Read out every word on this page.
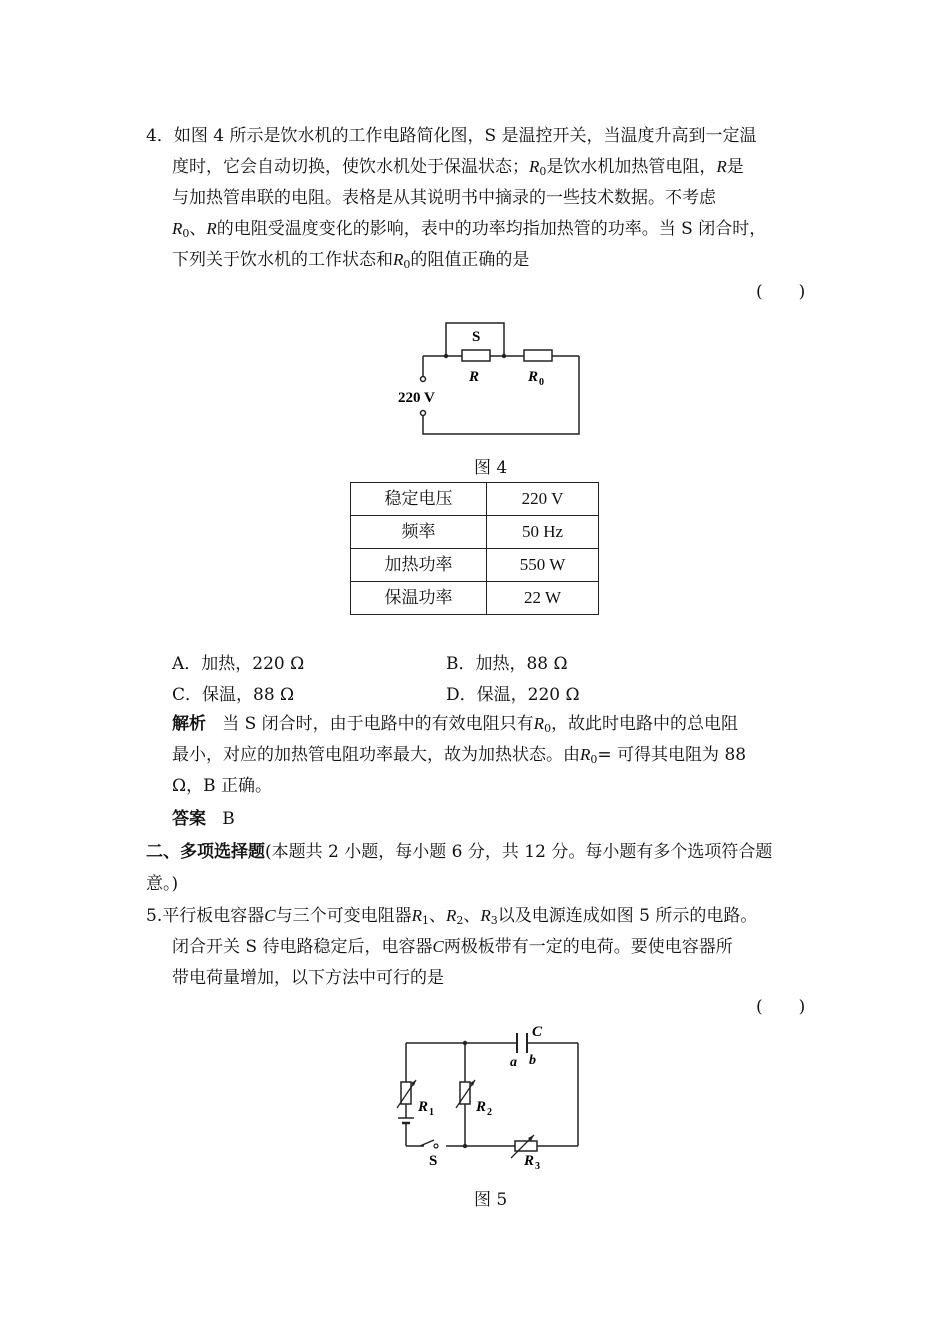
4．如图 4 所示是饮水机的工作电路简化图，S 是温控开关，当温度升高到一定温
度时，它会自动切换，使饮水机处于保温状态；$R_0$是饮水机加热管电阻，R是
与加热管串联的电阻。表格是从其说明书中摘录的一些技术数据。不考虑
$R_0$、R的电阻受温度变化的影响，表中的功率均指加热管的功率。当 S 闭合时，
下列关于饮水机的工作状态和$R_0$的阻值正确的是
( )
S
R	R 0
220 V
图 4
稳定电压	220 V
频率	50 Hz
加热功率	550 W
保温功率	22 W
A．加热，220 Ω	B．加热，88 Ω
C．保温，88 Ω	D．保温，220 Ω
解析 当 S 闭合时，由于电路中的有效电阻只有$R_0$，故此时电路中的总电阻
最小，对应的加热管电阻功率最大，故为加热状态。由$R_0=$ 可得其电阻为 88
Ω，B 正确。
答案 B
二、多项选择题(本题共 2 小题，每小题 6 分，共 12 分。每小题有多个选项符合题
意。)
5.平行板电容器C与三个可变电阻器$R_1$、$R_2$、$R_3$以及电源连成如图 5 所示的电路。
闭合开关 S 待电路稳定后，电容器C两极板带有一定的电荷。要使电容器所
带电荷量增加，以下方法中可行的是
( )
C
a b
R 1	R 2
R 3
S
图 5
